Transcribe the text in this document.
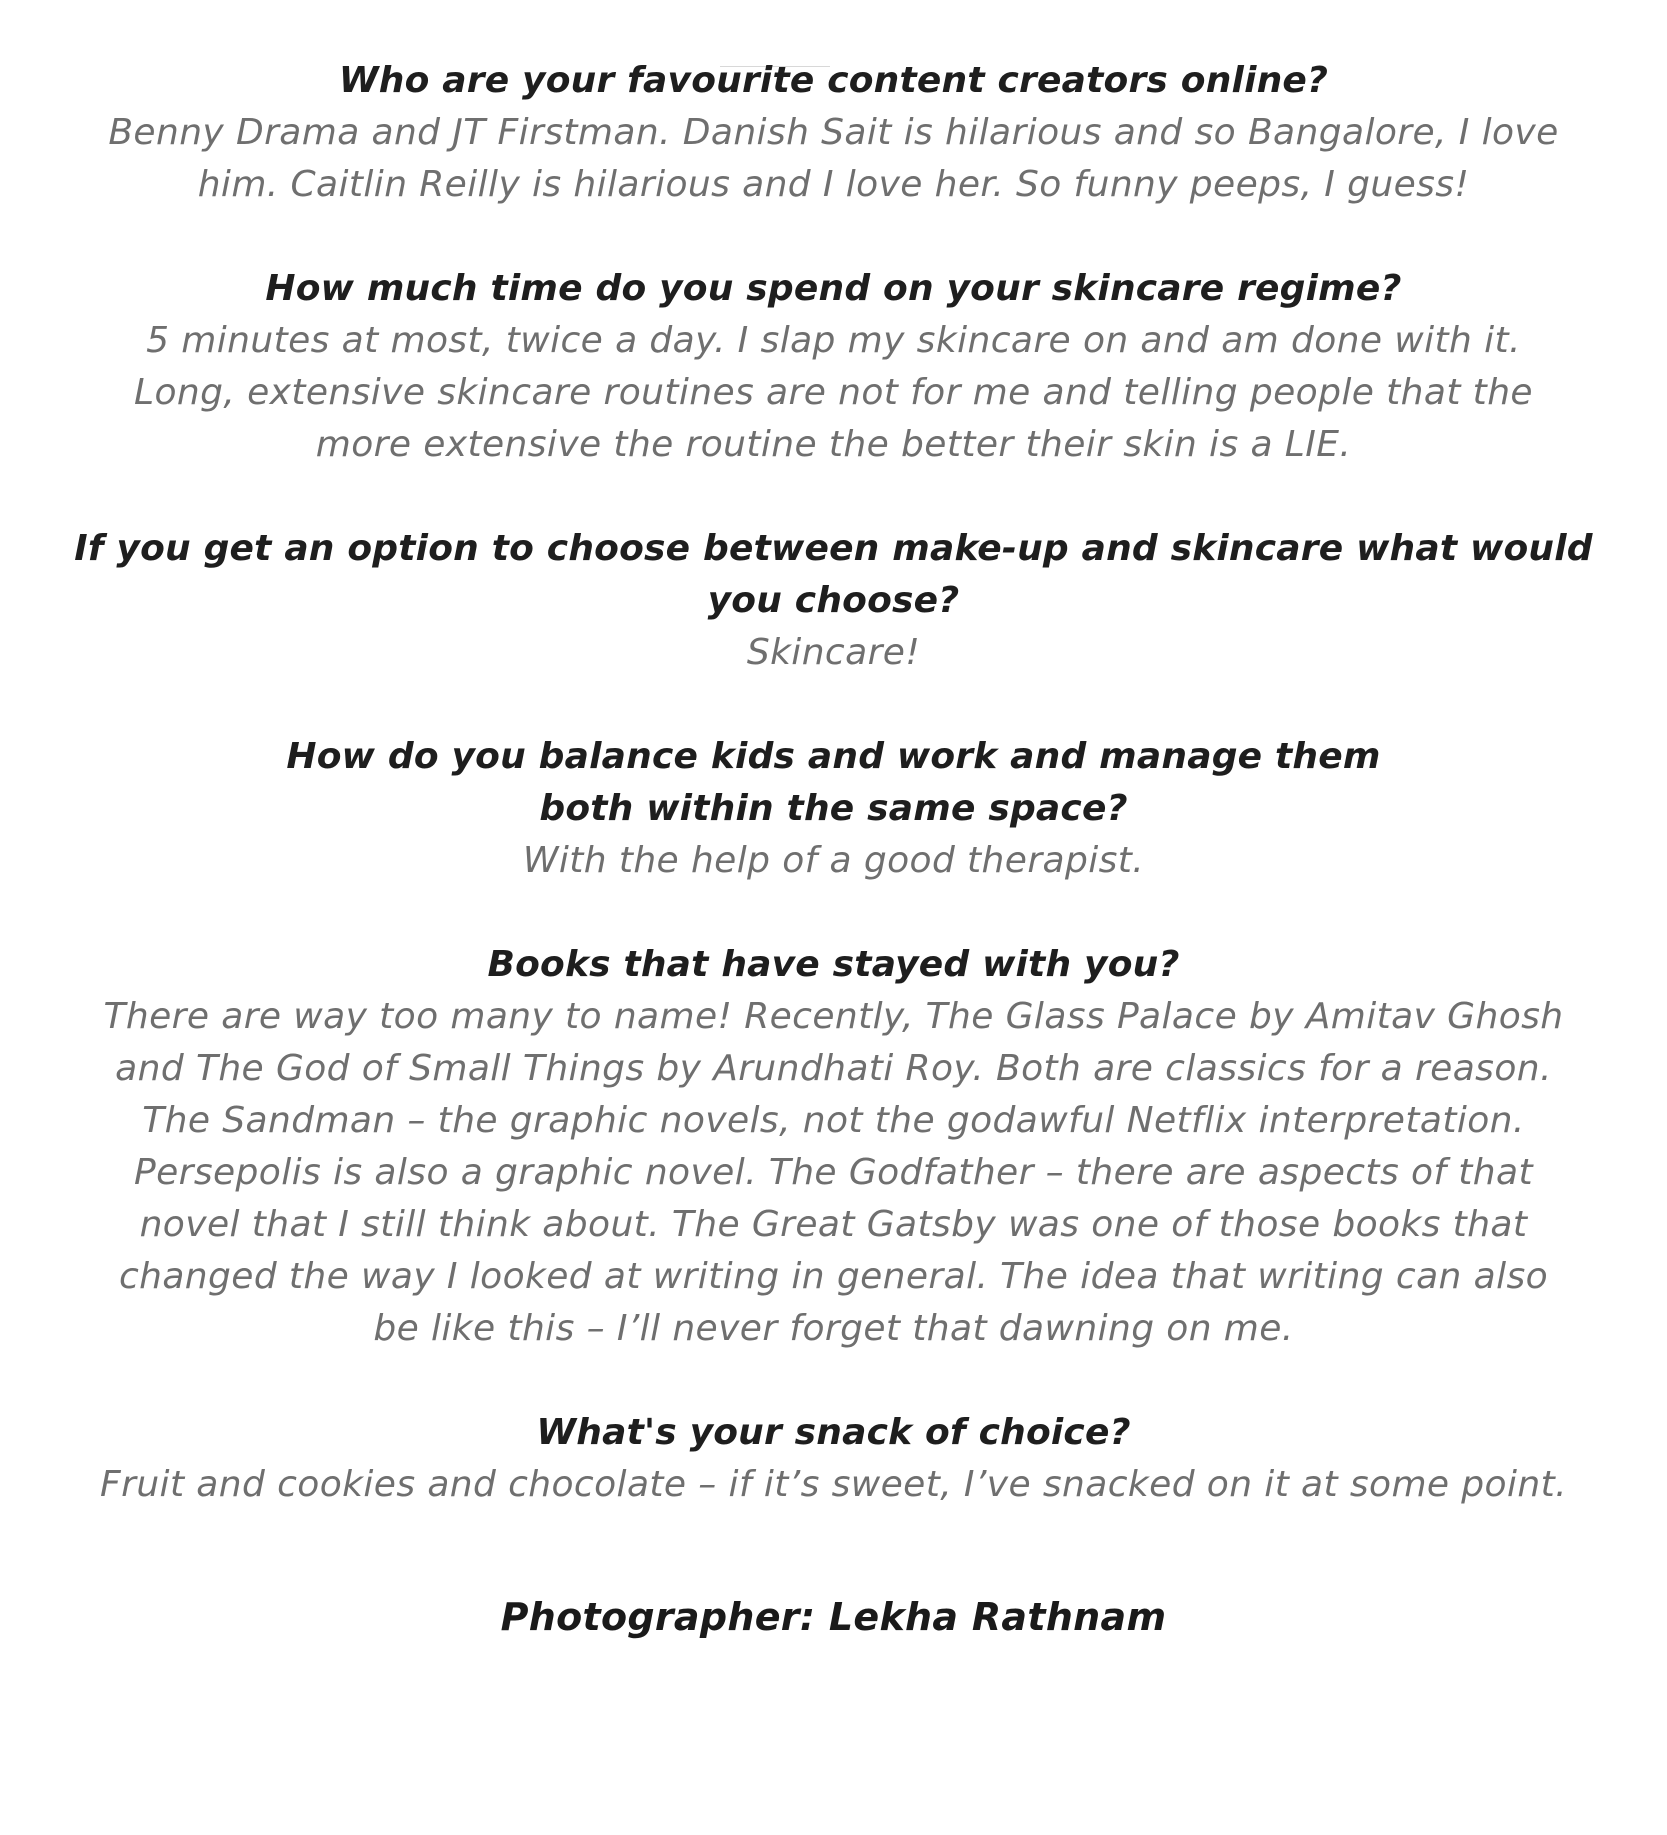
Who are your favourite content creators online?

Benny Drama and JT Firstman. Danish Sait is hilarious and so Bangalore, I love
him. Caitlin Reilly is hilarious and I love her. So funny peeps, I guess!

How much time do you spend on your skincare regime?

5 minutes at most, twice a day. I slap my skincare on and am done with it.
Long, extensive skincare routines are not for me and telling people that the
more extensive the routine the better their skin is a LIE.

If you get an option to choose between make-up and skincare what would
you choose?

Skincare!

How do you balance kids and work and manage them
both within the same space?

With the help of a good therapist.

Books that have stayed with you?

There are way too many to name! Recently, The Glass Palace by Amitav Ghosh
and The God of Small Things by Arundhati Roy. Both are classics for a reason.
The Sandman – the graphic novels, not the godawful Netflix interpretation.
Persepolis is also a graphic novel. The Godfather – there are aspects of that
novel that I still think about. The Great Gatsby was one of those books that
changed the way I looked at writing in general. The idea that writing can also
be like this – I’ll never forget that dawning on me.

What's your snack of choice?

Fruit and cookies and chocolate – if it’s sweet, I’ve snacked on it at some point.

Photographer: Lekha Rathnam
